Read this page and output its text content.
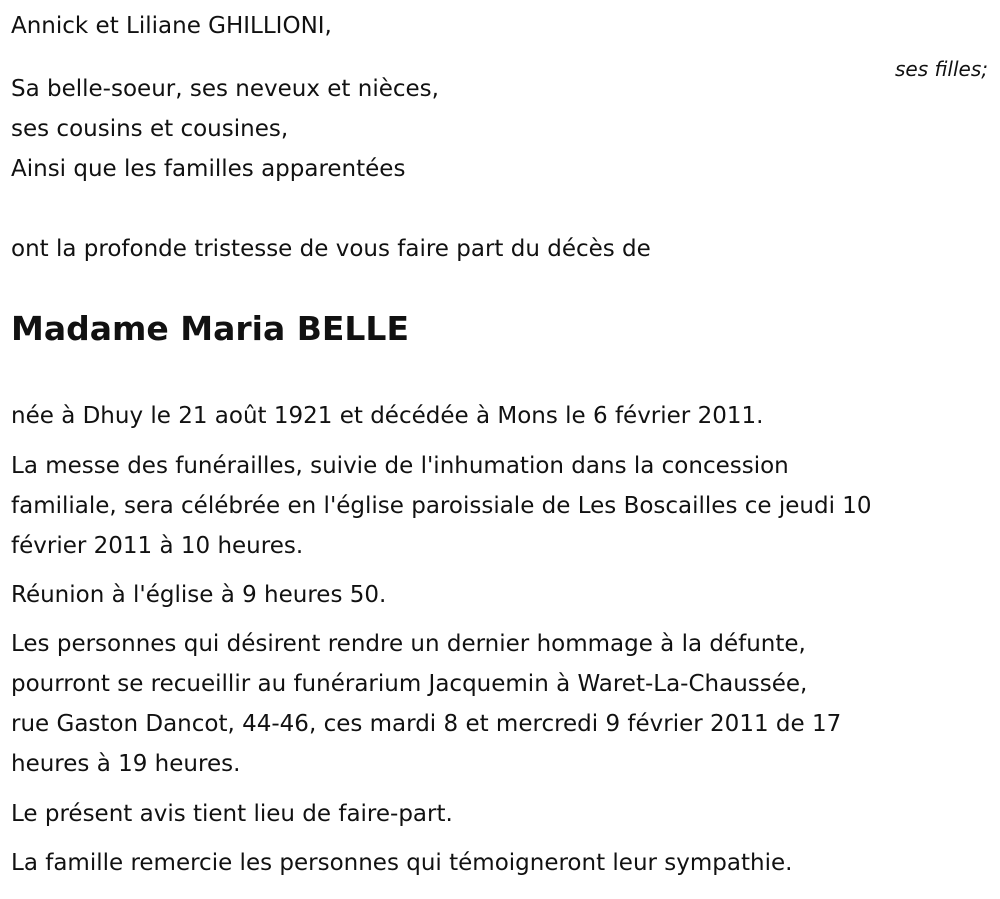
Annick et Liliane GHILLIONI,

ses filles;

Sa belle-soeur, ses neveux et nièces,

ses cousins et cousines,

Ainsi que les familles apparentées

ont la profonde tristesse de vous faire part du décès de

Madame Maria BELLE

née à Dhuy le 21 août 1921 et décédée à Mons le 6 février 2011.

La messe des funérailles, suivie de l'inhumation dans la concession
familiale, sera célébrée en l'église paroissiale de Les Boscailles ce jeudi 10
février 2011 à 10 heures.

Réunion à l'église à 9 heures 50.

Les personnes qui désirent rendre un dernier hommage à la défunte,
pourront se recueillir au funérarium Jacquemin à Waret-La-Chaussée,
rue Gaston Dancot, 44-46, ces mardi 8 et mercredi 9 février 2011 de 17
heures à 19 heures.

Le présent avis tient lieu de faire-part.

La famille remercie les personnes qui témoigneront leur sympathie.
